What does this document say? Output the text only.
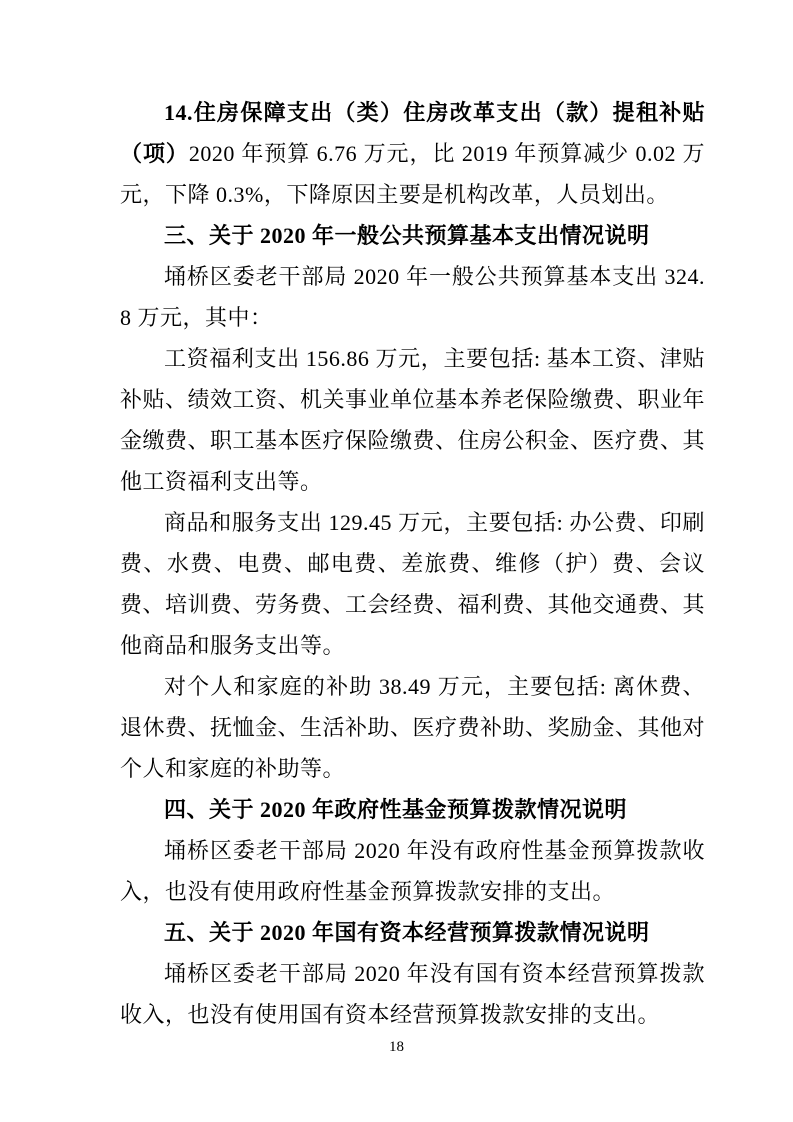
14.住房保障支出（类）住房改革支出（款）提租补贴（项）2020 年预算 6.76 万元，比 2019 年预算减少 0.02 万元，下降 0.3%，下降原因主要是机构改革，人员划出。

三、关于 2020 年一般公共预算基本支出情况说明

埇桥区委老干部局 2020 年一般公共预算基本支出 324.8 万元，其中：

工资福利支出 156.86 万元，主要包括: 基本工资、津贴补贴、绩效工资、机关事业单位基本养老保险缴费、职业年金缴费、职工基本医疗保险缴费、住房公积金、医疗费、其他工资福利支出等。

商品和服务支出 129.45 万元，主要包括: 办公费、印刷费、水费、电费、邮电费、差旅费、维修（护）费、会议费、培训费、劳务费、工会经费、福利费、其他交通费、其他商品和服务支出等。

对个人和家庭的补助 38.49 万元，主要包括: 离休费、退休费、抚恤金、生活补助、医疗费补助、奖励金、其他对个人和家庭的补助等。

四、关于 2020 年政府性基金预算拨款情况说明

埇桥区委老干部局 2020 年没有政府性基金预算拨款收入，也没有使用政府性基金预算拨款安排的支出。

五、关于 2020 年国有资本经营预算拨款情况说明

埇桥区委老干部局 2020 年没有国有资本经营预算拨款收入，也没有使用国有资本经营预算拨款安排的支出。

18
